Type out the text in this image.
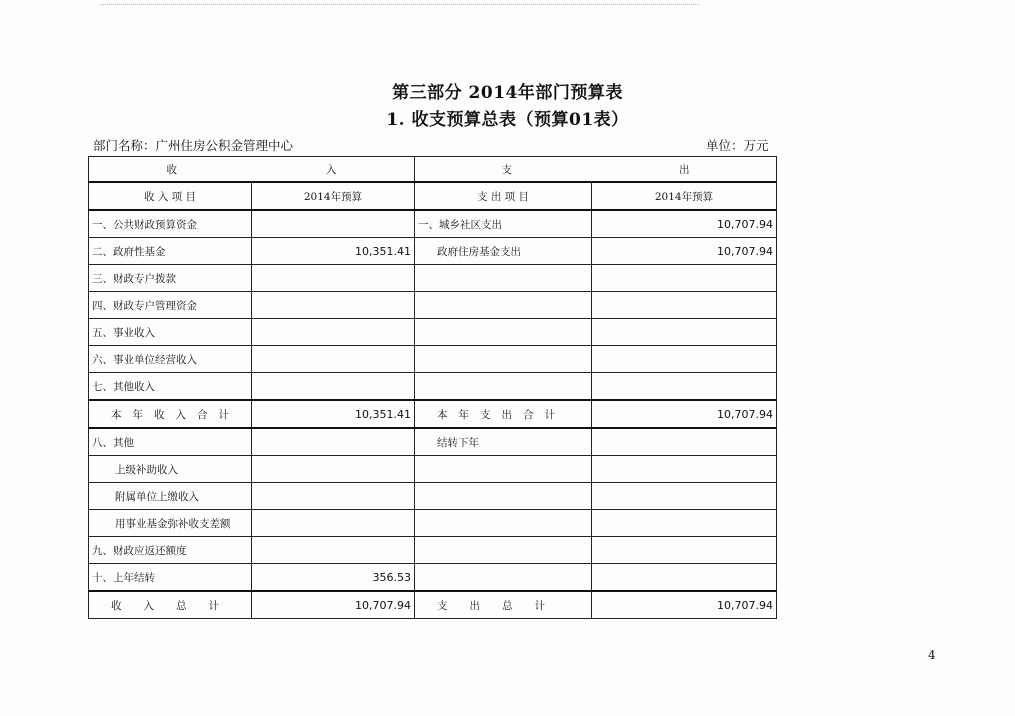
第三部分 2014年部门预算表
1. 收支预算总表（预算01表）
部门名称：广州住房公积金管理中心	单位：万元
收 入		支 出	

收 入 项 目	2014年预算	支 出 项 目	2014年预算
一、公共财政预算资金		一、城乡社区支出	10,707.94
二、政府性基金	10,351.41	政府住房基金支出	10,707.94
三、财政专户拨款			
四、财政专户管理资金			
五、事业收入			
六、事业单位经营收入			
七、其他收入			
本年收入合计	10,351.41	本年支出合计	10,707.94
八、其他		结转下年	
上级补助收入			
附属单位上缴收入			
用事业基金弥补收支差额			
九、财政应返还额度			
十、上年结转	356.53		
收入总计	10,707.94	支出总计	10,707.94
4
